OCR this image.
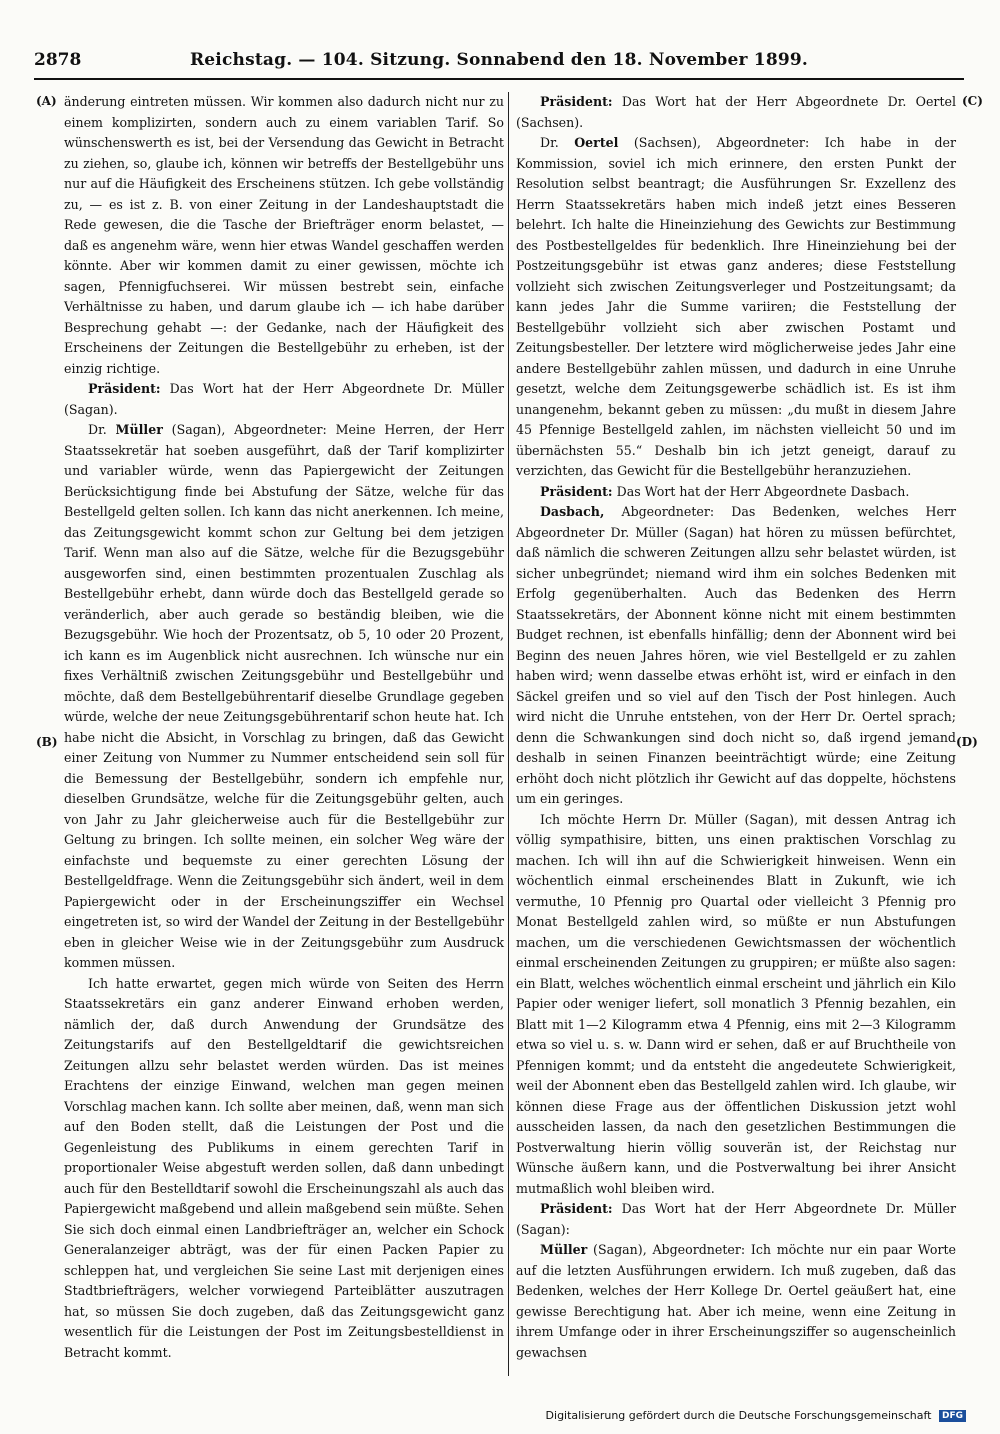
2878	Reichstag. — 104. Sitzung. Sonnabend den 18. November 1899.
(A)
(B)
(C)
(D)

änderung eintreten müssen. Wir kommen also dadurch nicht nur zu einem komplizirten, sondern auch zu einem variablen Tarif. So wünschenswerth es ist, bei der Versendung das Gewicht in Betracht zu ziehen, so, glaube ich, können wir betreffs der Bestellgebühr uns nur auf die Häufigkeit des Erscheinens stützen. Ich gebe vollständig zu, — es ist z. B. von einer Zeitung in der Landeshauptstadt die Rede gewesen, die die Tasche der Briefträger enorm belastet, — daß es angenehm wäre, wenn hier etwas Wandel geschaffen werden könnte. Aber wir kommen damit zu einer gewissen, möchte ich sagen, Pfennigfuchserei. Wir müssen bestrebt sein, einfache Verhältnisse zu haben, und darum glaube ich — ich habe darüber Besprechung gehabt —: der Gedanke, nach der Häufigkeit des Erscheinens der Zeitungen die Bestellgebühr zu erheben, ist der einzig richtige.

Präsident: Das Wort hat der Herr Abgeordnete Dr. Müller (Sagan).

Dr. Müller (Sagan), Abgeordneter: Meine Herren, der Herr Staatssekretär hat soeben ausgeführt, daß der Tarif komplizirter und variabler würde, wenn das Papiergewicht der Zeitungen Berücksichtigung finde bei Abstufung der Sätze, welche für das Bestellgeld gelten sollen. Ich kann das nicht anerkennen. Ich meine, das Zeitungsgewicht kommt schon zur Geltung bei dem jetzigen Tarif. Wenn man also auf die Sätze, welche für die Bezugsgebühr ausgeworfen sind, einen bestimmten prozentualen Zuschlag als Bestellgebühr erhebt, dann würde doch das Bestellgeld gerade so veränderlich, aber auch gerade so beständig bleiben, wie die Bezugsgebühr. Wie hoch der Prozentsatz, ob 5, 10 oder 20 Prozent, ich kann es im Augenblick nicht ausrechnen. Ich wünsche nur ein fixes Verhältniß zwischen Zeitungsgebühr und Bestellgebühr und möchte, daß dem Bestellgebührentarif dieselbe Grundlage gegeben würde, welche der neue Zeitungsgebührentarif schon heute hat. Ich habe nicht die Absicht, in Vorschlag zu bringen, daß das Gewicht einer Zeitung von Nummer zu Nummer entscheidend sein soll für die Bemessung der Bestellgebühr, sondern ich empfehle nur, dieselben Grundsätze, welche für die Zeitungsgebühr gelten, auch von Jahr zu Jahr gleicherweise auch für die Bestellgebühr zur Geltung zu bringen. Ich sollte meinen, ein solcher Weg wäre der einfachste und bequemste zu einer gerechten Lösung der Bestellgeldfrage. Wenn die Zeitungsgebühr sich ändert, weil in dem Papiergewicht oder in der Erscheinungsziffer ein Wechsel eingetreten ist, so wird der Wandel der Zeitung in der Bestellgebühr eben in gleicher Weise wie in der Zeitungsgebühr zum Ausdruck kommen müssen.

Ich hatte erwartet, gegen mich würde von Seiten des Herrn Staatssekretärs ein ganz anderer Einwand erhoben werden, nämlich der, daß durch Anwendung der Grundsätze des Zeitungstarifs auf den Bestellgeldtarif die gewichtsreichen Zeitungen allzu sehr belastet werden würden. Das ist meines Erachtens der einzige Einwand, welchen man gegen meinen Vorschlag machen kann. Ich sollte aber meinen, daß, wenn man sich auf den Boden stellt, daß die Leistungen der Post und die Gegenleistung des Publikums in einem gerechten Tarif in proportionaler Weise abgestuft werden sollen, daß dann unbedingt auch für den Bestelldtarif sowohl die Erscheinungszahl als auch das Papiergewicht maßgebend und allein maßgebend sein müßte. Sehen Sie sich doch einmal einen Landbriefträger an, welcher ein Schock Generalanzeiger abträgt, was der für einen Packen Papier zu schleppen hat, und vergleichen Sie seine Last mit derjenigen eines Stadtbriefträgers, welcher vorwiegend Parteiblätter auszutragen hat, so müssen Sie doch zugeben, daß das Zeitungsgewicht ganz wesentlich für die Leistungen der Post im Zeitungsbestelldienst in Betracht kommt.

Präsident: Das Wort hat der Herr Abgeordnete Dr. Oertel (Sachsen).

Dr. Oertel (Sachsen), Abgeordneter: Ich habe in der Kommission, soviel ich mich erinnere, den ersten Punkt der Resolution selbst beantragt; die Ausführungen Sr. Exzellenz des Herrn Staatssekretärs haben mich indeß jetzt eines Besseren belehrt. Ich halte die Hineinziehung des Gewichts zur Bestimmung des Postbestellgeldes für bedenklich. Ihre Hineinziehung bei der Postzeitungsgebühr ist etwas ganz anderes; diese Feststellung vollzieht sich zwischen Zeitungsverleger und Postzeitungsamt; da kann jedes Jahr die Summe variiren; die Feststellung der Bestellgebühr vollzieht sich aber zwischen Postamt und Zeitungsbesteller. Der letztere wird möglicherweise jedes Jahr eine andere Bestellgebühr zahlen müssen, und dadurch in eine Unruhe gesetzt, welche dem Zeitungsgewerbe schädlich ist. Es ist ihm unangenehm, bekannt geben zu müssen: „du mußt in diesem Jahre 45 Pfennige Bestellgeld zahlen, im nächsten vielleicht 50 und im übernächsten 55.“ Deshalb bin ich jetzt geneigt, darauf zu verzichten, das Gewicht für die Bestellgebühr heranzuziehen.

Präsident: Das Wort hat der Herr Abgeordnete Dasbach.

Dasbach, Abgeordneter: Das Bedenken, welches Herr Abgeordneter Dr. Müller (Sagan) hat hören zu müssen befürchtet, daß nämlich die schweren Zeitungen allzu sehr belastet würden, ist sicher unbegründet; niemand wird ihm ein solches Bedenken mit Erfolg gegenüberhalten. Auch das Bedenken des Herrn Staatssekretärs, der Abonnent könne nicht mit einem bestimmten Budget rechnen, ist ebenfalls hinfällig; denn der Abonnent wird bei Beginn des neuen Jahres hören, wie viel Bestellgeld er zu zahlen haben wird; wenn dasselbe etwas erhöht ist, wird er einfach in den Säckel greifen und so viel auf den Tisch der Post hinlegen. Auch wird nicht die Unruhe entstehen, von der Herr Dr. Oertel sprach; denn die Schwankungen sind doch nicht so, daß irgend jemand deshalb in seinen Finanzen beeinträchtigt würde; eine Zeitung erhöht doch nicht plötzlich ihr Gewicht auf das doppelte, höchstens um ein geringes.

Ich möchte Herrn Dr. Müller (Sagan), mit dessen Antrag ich völlig sympathisire, bitten, uns einen praktischen Vorschlag zu machen. Ich will ihn auf die Schwierigkeit hinweisen. Wenn ein wöchentlich einmal erscheinendes Blatt in Zukunft, wie ich vermuthe, 10 Pfennig pro Quartal oder vielleicht 3 Pfennig pro Monat Bestellgeld zahlen wird, so müßte er nun Abstufungen machen, um die verschiedenen Gewichtsmassen der wöchentlich einmal erscheinenden Zeitungen zu gruppiren; er müßte also sagen: ein Blatt, welches wöchentlich einmal erscheint und jährlich ein Kilo Papier oder weniger liefert, soll monatlich 3 Pfennig bezahlen, ein Blatt mit 1—2 Kilogramm etwa 4 Pfennig, eins mit 2—3 Kilogramm etwa so viel u. s. w. Dann wird er sehen, daß er auf Bruchtheile von Pfennigen kommt; und da entsteht die angedeutete Schwierigkeit, weil der Abonnent eben das Bestellgeld zahlen wird. Ich glaube, wir können diese Frage aus der öffentlichen Diskussion jetzt wohl ausscheiden lassen, da nach den gesetzlichen Bestimmungen die Postverwaltung hierin völlig souverän ist, der Reichstag nur Wünsche äußern kann, und die Postverwaltung bei ihrer Ansicht mutmaßlich wohl bleiben wird.

Präsident: Das Wort hat der Herr Abgeordnete Dr. Müller (Sagan):

Müller (Sagan), Abgeordneter: Ich möchte nur ein paar Worte auf die letzten Ausführungen erwidern. Ich muß zugeben, daß das Bedenken, welches der Herr Kollege Dr. Oertel geäußert hat, eine gewisse Berechtigung hat. Aber ich meine, wenn eine Zeitung in ihrem Umfange oder in ihrer Erscheinungsziffer so augenscheinlich gewachsen

Digitalisierung gefördert durch die Deutsche Forschungsgemeinschaft DFG
